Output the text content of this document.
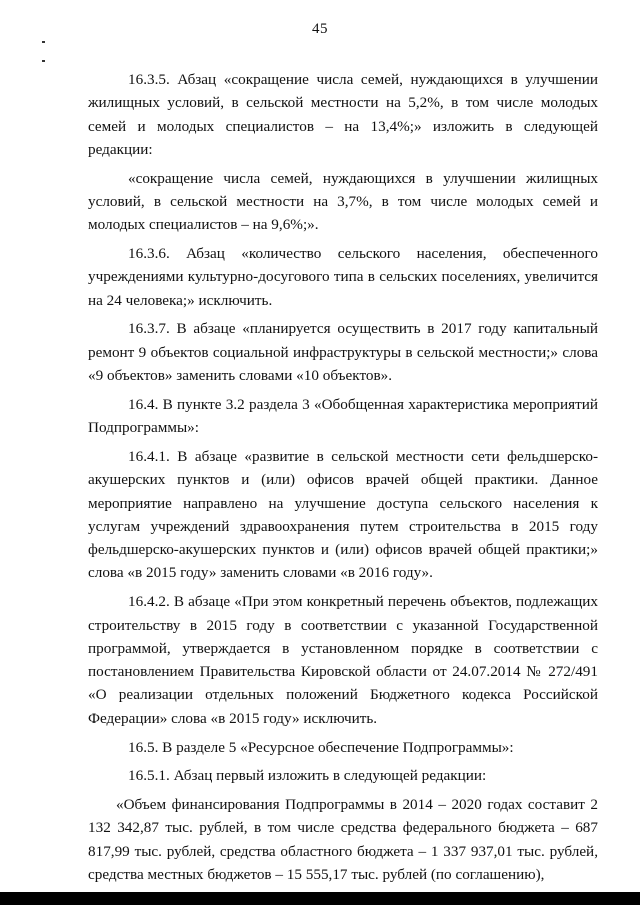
45

16.3.5. Абзац «сокращение числа семей, нуждающихся в улучшении жилищных условий, в сельской местности на 5,2%, в том числе молодых семей и молодых специалистов – на 13,4%;» изложить в следующей редакции:

«сокращение числа семей, нуждающихся в улучшении жилищных условий, в сельской местности на 3,7%, в том числе молодых семей и молодых специалистов – на 9,6%;».

16.3.6. Абзац «количество сельского населения, обеспеченного учреждениями культурно-досугового типа в сельских поселениях, увеличится на 24 человека;» исключить.

16.3.7. В абзаце «планируется осуществить в 2017 году капитальный ремонт 9 объектов социальной инфраструктуры в сельской местности;» слова «9 объектов» заменить словами «10 объектов».

16.4. В пункте 3.2 раздела 3 «Обобщенная характеристика мероприятий Подпрограммы»:

16.4.1. В абзаце «развитие в сельской местности сети фельдшерско-акушерских пунктов и (или) офисов врачей общей практики. Данное мероприятие направлено на улучшение доступа сельского населения к услугам учреждений здравоохранения путем строительства в 2015 году фельдшерско-акушерских пунктов и (или) офисов врачей общей практики;» слова «в 2015 году» заменить словами «в 2016 году».

16.4.2. В абзаце «При этом конкретный перечень объектов, подлежащих строительству в 2015 году в соответствии с указанной Государственной программой, утверждается в установленном порядке в соответствии с постановлением Правительства Кировской области от 24.07.2014 № 272/491 «О реализации отдельных положений Бюджетного кодекса Российской Федерации» слова «в 2015 году» исключить.

16.5. В разделе 5 «Ресурсное обеспечение Подпрограммы»:

16.5.1. Абзац первый изложить в следующей редакции:

«Объем финансирования Подпрограммы в 2014 – 2020 годах составит 2 132 342,87 тыс. рублей, в том числе средства федерального бюджета – 687 817,99 тыс. рублей, средства областного бюджета – 1 337 937,01 тыс. рублей, средства местных бюджетов – 15 555,17 тыс. рублей (по соглашению),
